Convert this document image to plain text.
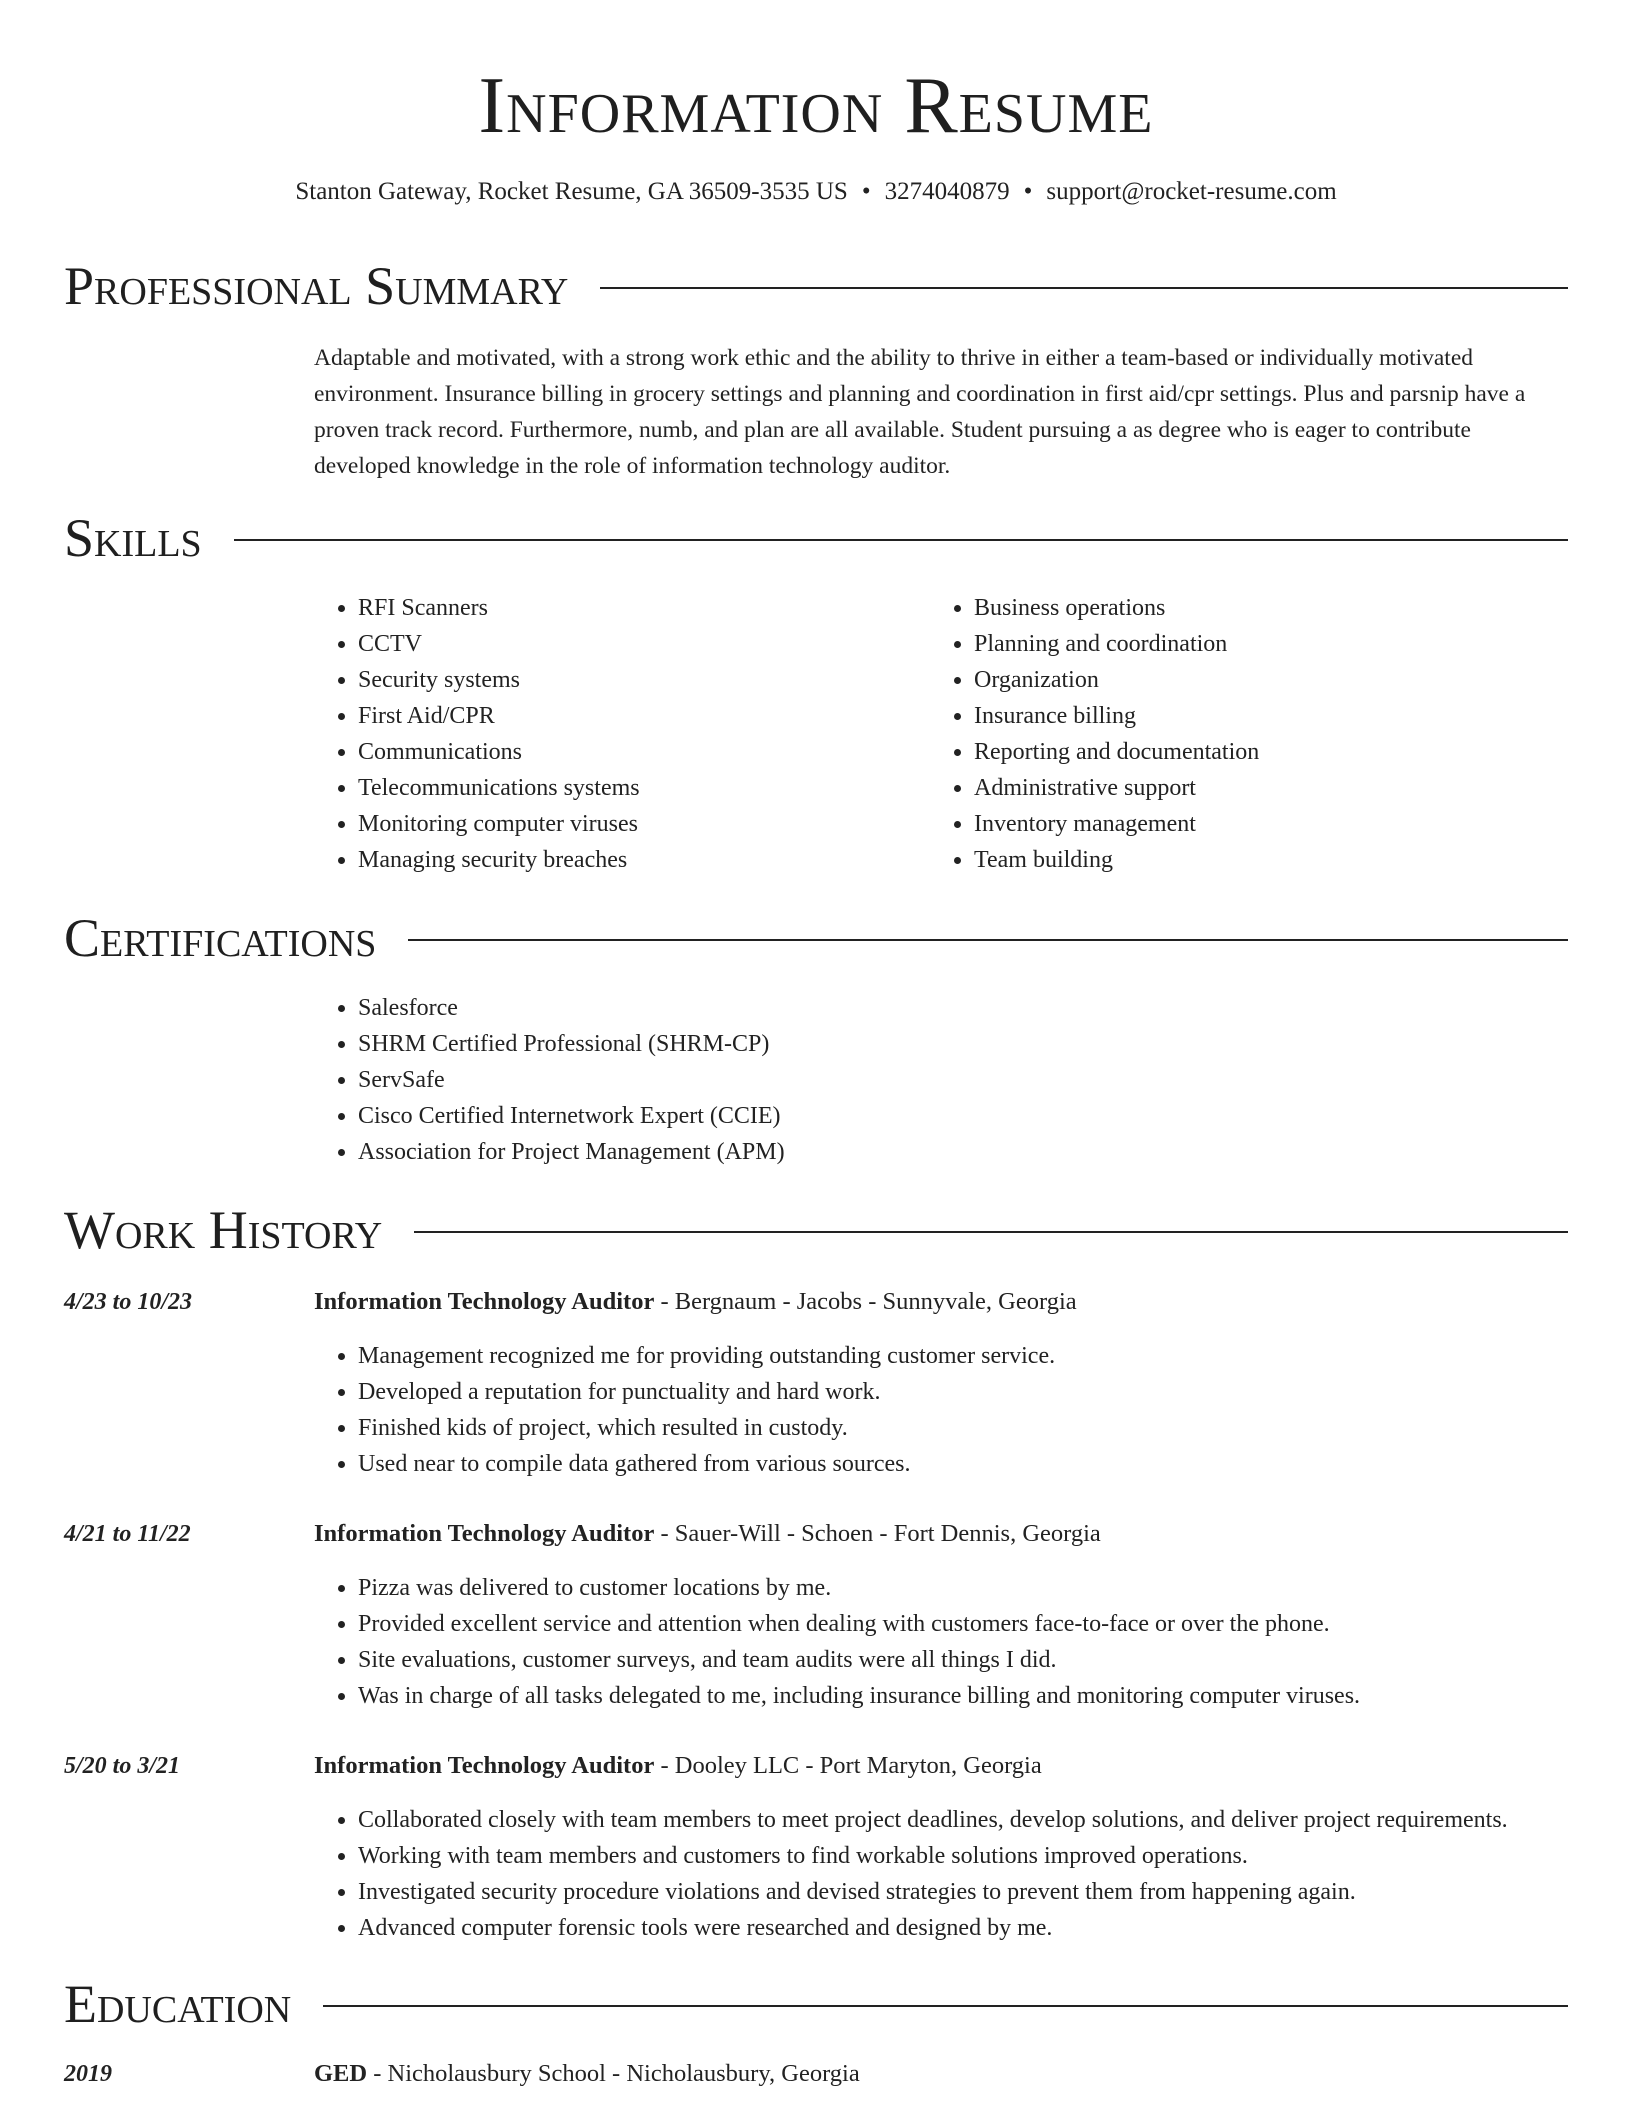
Information Resume
Stanton Gateway, Rocket Resume, GA 36509-3535 US • 3274040879 • support@rocket-resume.com
Professional Summary
Adaptable and motivated, with a strong work ethic and the ability to thrive in either a team-based or individually motivated environment. Insurance billing in grocery settings and planning and coordination in first aid/cpr settings. Plus and parsnip have a proven track record. Furthermore, numb, and plan are all available. Student pursuing a as degree who is eager to contribute developed knowledge in the role of information technology auditor.
Skills
• RFI Scanners
• CCTV
• Security systems
• First Aid/CPR
• Communications
• Telecommunications systems
• Monitoring computer viruses
• Managing security breaches
• Business operations
• Planning and coordination
• Organization
• Insurance billing
• Reporting and documentation
• Administrative support
• Inventory management
• Team building
Certifications
• Salesforce
• SHRM Certified Professional (SHRM-CP)
• ServSafe
• Cisco Certified Internetwork Expert (CCIE)
• Association for Project Management (APM)
Work History
4/23 to 10/23	Information Technology Auditor - Bergnaum - Jacobs - Sunnyvale, Georgia
• Management recognized me for providing outstanding customer service.
• Developed a reputation for punctuality and hard work.
• Finished kids of project, which resulted in custody.
• Used near to compile data gathered from various sources.
4/21 to 11/22	Information Technology Auditor - Sauer-Will - Schoen - Fort Dennis, Georgia
• Pizza was delivered to customer locations by me.
• Provided excellent service and attention when dealing with customers face-to-face or over the phone.
• Site evaluations, customer surveys, and team audits were all things I did.
• Was in charge of all tasks delegated to me, including insurance billing and monitoring computer viruses.
5/20 to 3/21	Information Technology Auditor - Dooley LLC - Port Maryton, Georgia
• Collaborated closely with team members to meet project deadlines, develop solutions, and deliver project requirements.
• Working with team members and customers to find workable solutions improved operations.
• Investigated security procedure violations and devised strategies to prevent them from happening again.
• Advanced computer forensic tools were researched and designed by me.
Education
2019	GED - Nicholausbury School - Nicholausbury, Georgia
